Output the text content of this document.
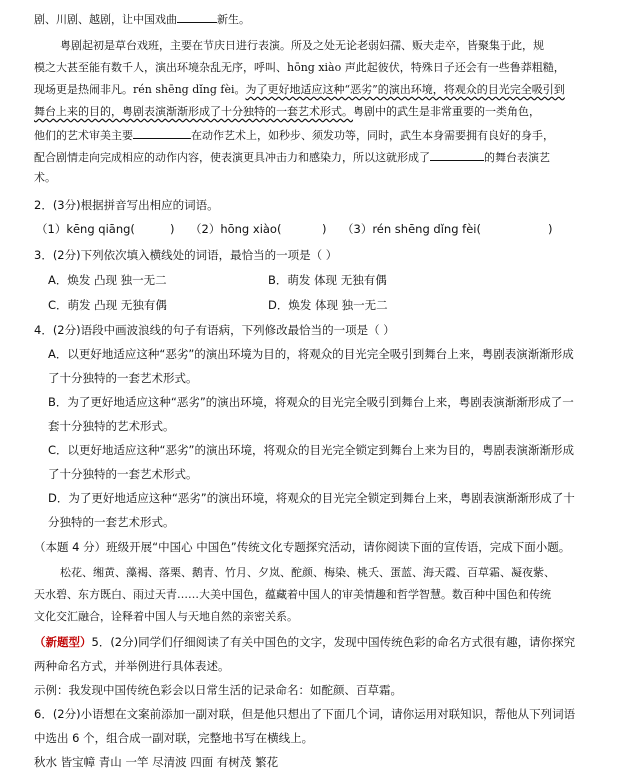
剧、川剧、越剧，让中国戏曲	新生。
粤剧起初是草台戏班，主要在节庆日进行表演。所及之处无论老弱妇孺、贩夫走卒，皆聚集于此，规
模之大甚至能有数千人，演出环境杂乱无序，呼叫、hōng xiào 声此起彼伏，特殊日子还会有一些鲁莽粗糙，
现场更是热闹非凡。rén shēng dǐng fèi。为了更好地适应这种“恶劣”的演出环境，将观众的目光完全吸引到
舞台上来的目的，粤剧表演渐渐形成了十分独特的一套艺术形式。粤剧中的武生是非常重要的一类角色，
他们的艺术审美主要	在动作艺术上，如秒步、须发功等，同时，武生本身需要拥有良好的身手，
配合剧情走向完成相应的动作内容，使表演更具冲击力和感染力，所以这就形成了	的舞台表演艺
术。
2．(3分)根据拼音写出相应的词语。
（1）kēng qiāng(	) （2）hōng xiào(	) （3）rén shēng dǐng fèi(	)
3．(2分)下列依次填入横线处的词语，最恰当的一项是（ ）
A．焕发 凸现 独一无二	B．萌发 体现 无独有偶
C．萌发 凸现 无独有偶	D．焕发 体现 独一无二
4．(2分)语段中画波浪线的句子有语病，下列修改最恰当的一项是（ ）
A．以更好地适应这种“恶劣”的演出环境为目的，将观众的目光完全吸引到舞台上来，粤剧表演渐渐形成
了十分独特的一套艺术形式。
B．为了更好地适应这种“恶劣”的演出环境，将观众的目光完全吸引到舞台上来，粤剧表演渐渐形成了一
套十分独特的艺术形式。
C．以更好地适应这种“恶劣”的演出环境，将观众的目光完全锁定到舞台上来为目的，粤剧表演渐渐形成
了十分独特的一套艺术形式。
D．为了更好地适应这种“恶劣”的演出环境，将观众的目光完全锁定到舞台上来，粤剧表演渐渐形成了十
分独特的一套艺术形式。
（本题 4 分）班级开展“中国心 中国色”传统文化专题探究活动，请你阅读下面的宣传语，完成下面小题。
松花、缃黄、藻褐、落栗、鹅青、竹月、夕岚、酡颜、梅染、桃夭、蛋蓝、海天霞、百草霜、凝夜紫、
天水碧、东方既白、雨过天青……大美中国色，蕴藏着中国人的审美情趣和哲学智慧。数百种中国色和传统
文化交汇融合，诠释着中国人与天地自然的亲密关系。
（新题型）5．(2分)同学们仔细阅读了有关中国色的文字，发现中国传统色彩的命名方式很有趣，请你探究
两种命名方式，并举例进行具体表述。
示例：我发现中国传统色彩会以日常生活的记录命名：如酡颜、百草霜。
6．(2分)小语想在文案前添加一副对联，但是他只想出了下面几个词，请你运用对联知识，帮他从下列词语
中选出 6 个，组合成一副对联，完整地书写在横线上。
秋水 皆宝幛 青山 一竿 尽清波 四面 有树茂 繁花
